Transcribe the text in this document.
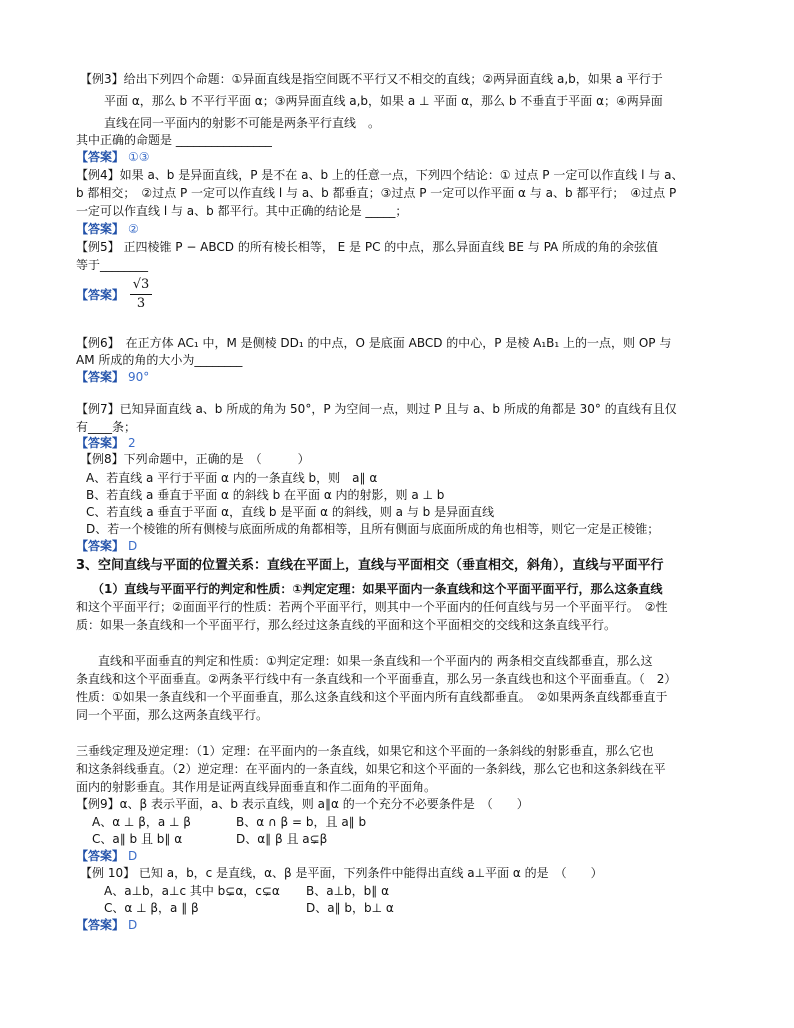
【例3】给出下列四个命题：①异面直线是指空间既不平行又不相交的直线；②两异面直线 a,b，如果 a 平行于
平面 α，那么 b 不平行平面 α；③两异面直线 a,b，如果 a ⊥ 平面 α，那么 b 不垂直于平面 α；④两异面
直线在同一平面内的射影不可能是两条平行直线　。
其中正确的命题是 ________________
【答案】 ①③
【例4】如果 a、b 是异面直线，P 是不在 a、b 上的任意一点，下列四个结论：① 过点 P 一定可以作直线 l 与 a、
b 都相交；　②过点 P 一定可以作直线 l 与 a、b 都垂直；③过点 P 一定可以作平面 α 与 a、b 都平行；　④过点 P
一定可以作直线 l 与 a、b 都平行。其中正确的结论是 _____；
【答案】 ②
【例5】 正四棱锥 P − ABCD 的所有棱长相等， E 是 PC 的中点，那么异面直线 BE 与 PA 所成的角的余弦值
等于________
【答案】 $\frac{√3}{3}$
【例6】　在正方体 AC₁ 中，M 是侧棱 DD₁ 的中点，O 是底面 ABCD 的中心，P 是棱 A₁B₁ 上的一点，则 OP 与
AM 所成的角的大小为________
【答案】 90°
【例7】已知异面直线 a、b 所成的角为 50°，P 为空间一点，则过 P 且与 a、b 所成的角都是 30° 的直线有且仅
有____条；
【答案】 2
【例8】下列命题中，正确的是　（　　　）
A、若直线 a 平行于平面 α 内的一条直线 b，则　a∥ α
B、若直线 a 垂直于平面 α 的斜线 b 在平面 α 内的射影，则 a ⊥ b
C、若直线 a 垂直于平面 α，直线 b 是平面 α 的斜线，则 a 与 b 是异面直线
D、若一个棱锥的所有侧棱与底面所成的角都相等，且所有侧面与底面所成的角也相等，则它一定是正棱锥；
【答案】 D
3、空间直线与平面的位置关系：直线在平面上，直线与平面相交（垂直相交，斜角），直线与平面平行
（1）直线与平面平行的判定和性质：①判定定理：如果平面内一条直线和这个平面平面平行，那么这条直线
和这个平面平行；②面面平行的性质：若两个平面平行，则其中一个平面内的任何直线与另一个平面平行。　②性
质：如果一条直线和一个平面平行，那么经过这条直线的平面和这个平面相交的交线和这条直线平行。
直线和平面垂直的判定和性质：①判定定理：如果一条直线和一个平面内的 两条相交直线都垂直，那么这
条直线和这个平面垂直。②两条平行线中有一条直线和一个平面垂直，那么另一条直线也和这个平面垂直。（　2）
性质：①如果一条直线和一个平面垂直，那么这条直线和这个平面内所有直线都垂直。　②如果两条直线都垂直于
同一个平面，那么这两条直线平行。
三垂线定理及逆定理：（1）定理：在平面内的一条直线，如果它和这个平面的一条斜线的射影垂直，那么它也
和这条斜线垂直。（2）逆定理：在平面内的一条直线，如果它和这个平面的一条斜线，那么它也和这条斜线在平
面内的射影垂直。其作用是证两直线异面垂直和作二面角的平面角。
【例9】α、β 表示平面，a、b 表示直线，则 a∥α 的一个充分不必要条件是　（　　）
A、α ⊥ β，a ⊥ β	B、α ∩ β = b，且 a∥ b
C、a∥ b 且 b∥ α	D、α∥ β 且 a⊊β
【答案】 D
【例 10】 已知 a，b，c 是直线，α、β 是平面，下列条件中能得出直线 a⊥平面 α 的是　（　　）
A、a⊥b，a⊥c 其中 b⊊α，c⊊α B、a⊥b，b∥ α
C、α ⊥ β，a ∥ β	D、a∥ b，b⊥ α
【答案】 D
